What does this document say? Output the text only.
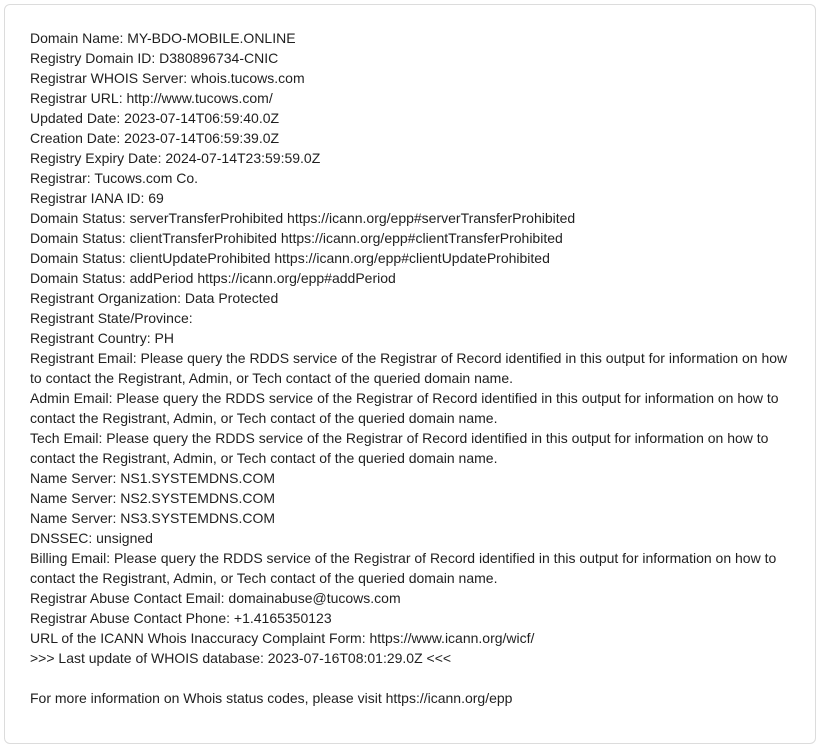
Domain Name: MY-BDO-MOBILE.ONLINE
Registry Domain ID: D380896734-CNIC
Registrar WHOIS Server: whois.tucows.com
Registrar URL: http://www.tucows.com/
Updated Date: 2023-07-14T06:59:40.0Z
Creation Date: 2023-07-14T06:59:39.0Z
Registry Expiry Date: 2024-07-14T23:59:59.0Z
Registrar: Tucows.com Co.
Registrar IANA ID: 69
Domain Status: serverTransferProhibited https://icann.org/epp#serverTransferProhibited
Domain Status: clientTransferProhibited https://icann.org/epp#clientTransferProhibited
Domain Status: clientUpdateProhibited https://icann.org/epp#clientUpdateProhibited
Domain Status: addPeriod https://icann.org/epp#addPeriod
Registrant Organization: Data Protected
Registrant State/Province:
Registrant Country: PH
Registrant Email: Please query the RDDS service of the Registrar of Record identified in this output for information on how to contact the Registrant, Admin, or Tech contact of the queried domain name.
Admin Email: Please query the RDDS service of the Registrar of Record identified in this output for information on how to contact the Registrant, Admin, or Tech contact of the queried domain name.
Tech Email: Please query the RDDS service of the Registrar of Record identified in this output for information on how to contact the Registrant, Admin, or Tech contact of the queried domain name.
Name Server: NS1.SYSTEMDNS.COM
Name Server: NS2.SYSTEMDNS.COM
Name Server: NS3.SYSTEMDNS.COM
DNSSEC: unsigned
Billing Email: Please query the RDDS service of the Registrar of Record identified in this output for information on how to contact the Registrant, Admin, or Tech contact of the queried domain name.
Registrar Abuse Contact Email: domainabuse@tucows.com
Registrar Abuse Contact Phone: +1.4165350123
URL of the ICANN Whois Inaccuracy Complaint Form: https://www.icann.org/wicf/
>>> Last update of WHOIS database: 2023-07-16T08:01:29.0Z <<<
For more information on Whois status codes, please visit https://icann.org/epp
